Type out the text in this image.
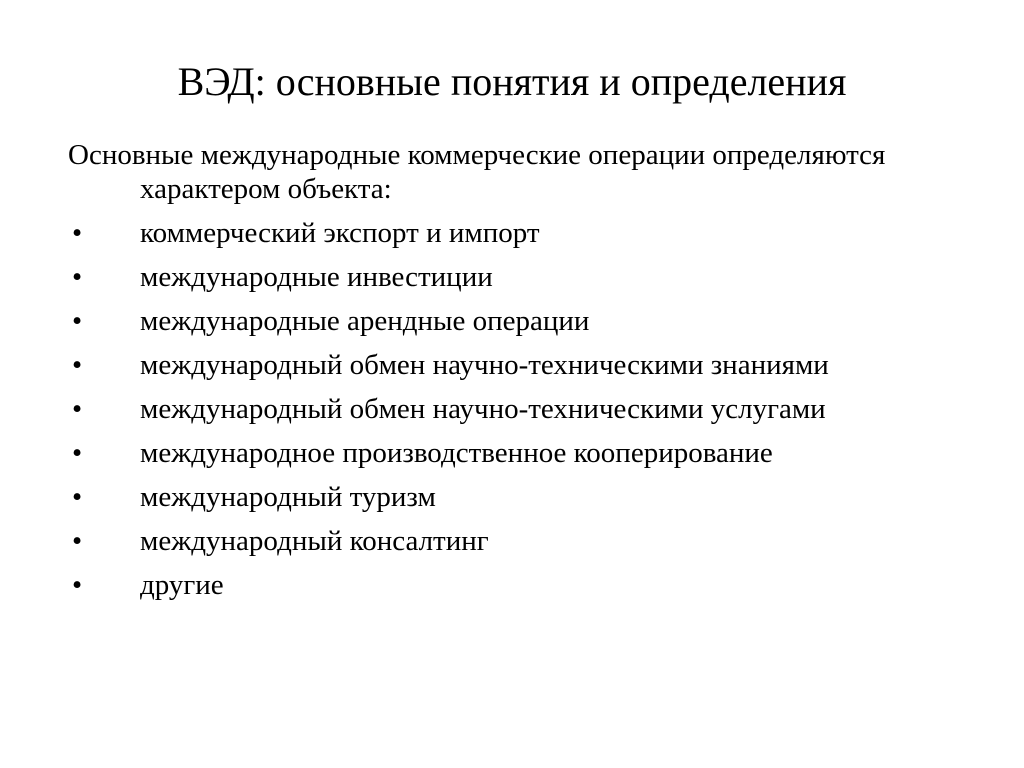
ВЭД: основные понятия и определения
Основные международные коммерческие операции определяются характером объекта:
•	коммерческий экспорт и импорт
•	международные инвестиции
•	международные арендные операции
•	международный обмен научно-техническими знаниями
•	международный обмен научно-техническими услугами
•	международное производственное кооперирование
•	международный туризм
•	международный консалтинг
•	другие
